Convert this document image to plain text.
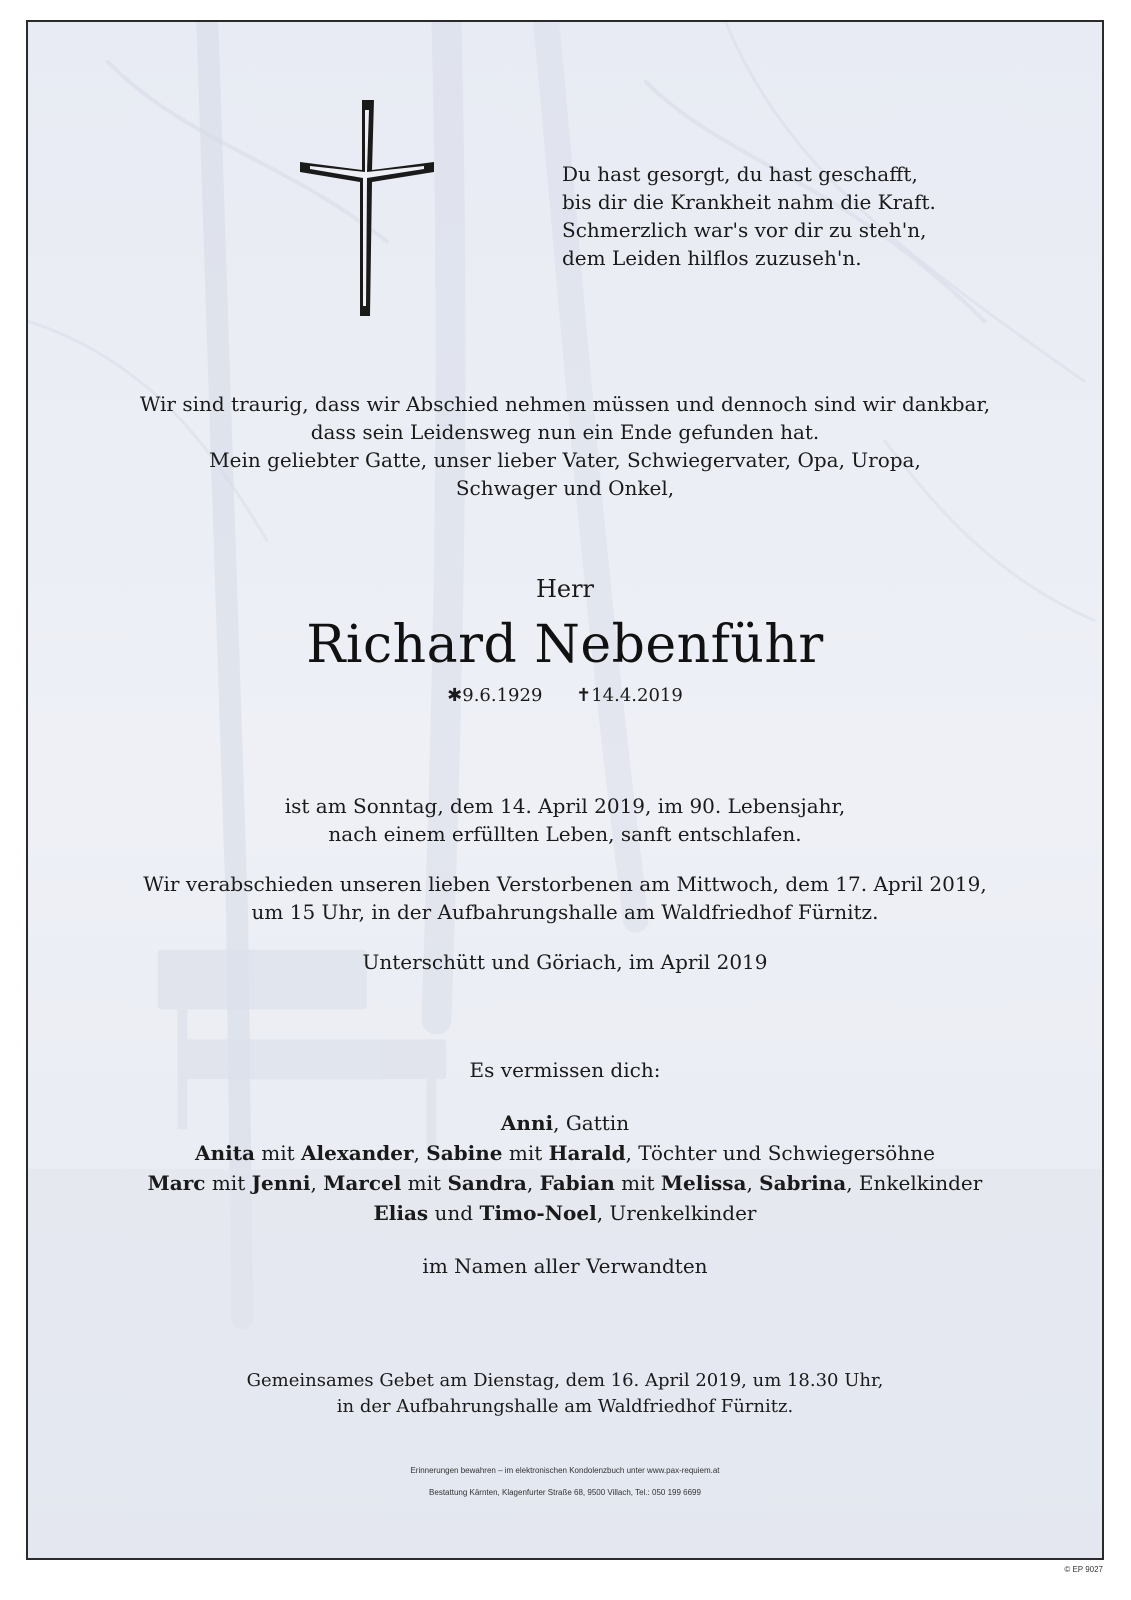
Du hast gesorgt, du hast geschafft,
bis dir die Krankheit nahm die Kraft.
Schmerzlich war's vor dir zu steh'n,
dem Leiden hilflos zuzuseh'n.
Wir sind traurig, dass wir Abschied nehmen müssen und dennoch sind wir dankbar,
dass sein Leidensweg nun ein Ende gefunden hat.
Mein geliebter Gatte, unser lieber Vater, Schwiegervater, Opa, Uropa,
Schwager und Onkel,
Herr
Richard Nebenführ
✱9.6.1929 ✝14.4.2019
ist am Sonntag, dem 14. April 2019, im 90. Lebensjahr,
nach einem erfüllten Leben, sanft entschlafen.
Wir verabschieden unseren lieben Verstorbenen am Mittwoch, dem 17. April 2019,
um 15 Uhr, in der Aufbahrungshalle am Waldfriedhof Fürnitz.
Unterschütt und Göriach, im April 2019
Es vermissen dich:
Anni, Gattin
Anita mit Alexander, Sabine mit Harald, Töchter und Schwiegersöhne
Marc mit Jenni, Marcel mit Sandra, Fabian mit Melissa, Sabrina, Enkelkinder
Elias und Timo-Noel, Urenkelkinder
im Namen aller Verwandten
Gemeinsames Gebet am Dienstag, dem 16. April 2019, um 18.30 Uhr,
in der Aufbahrungshalle am Waldfriedhof Fürnitz.
Erinnerungen bewahren – im elektronischen Kondolenzbuch unter www.pax-requiem.at
Bestattung Kärnten, Klagenfurter Straße 68, 9500 Villach, Tel.: 050 199 6699
© EP 9027
